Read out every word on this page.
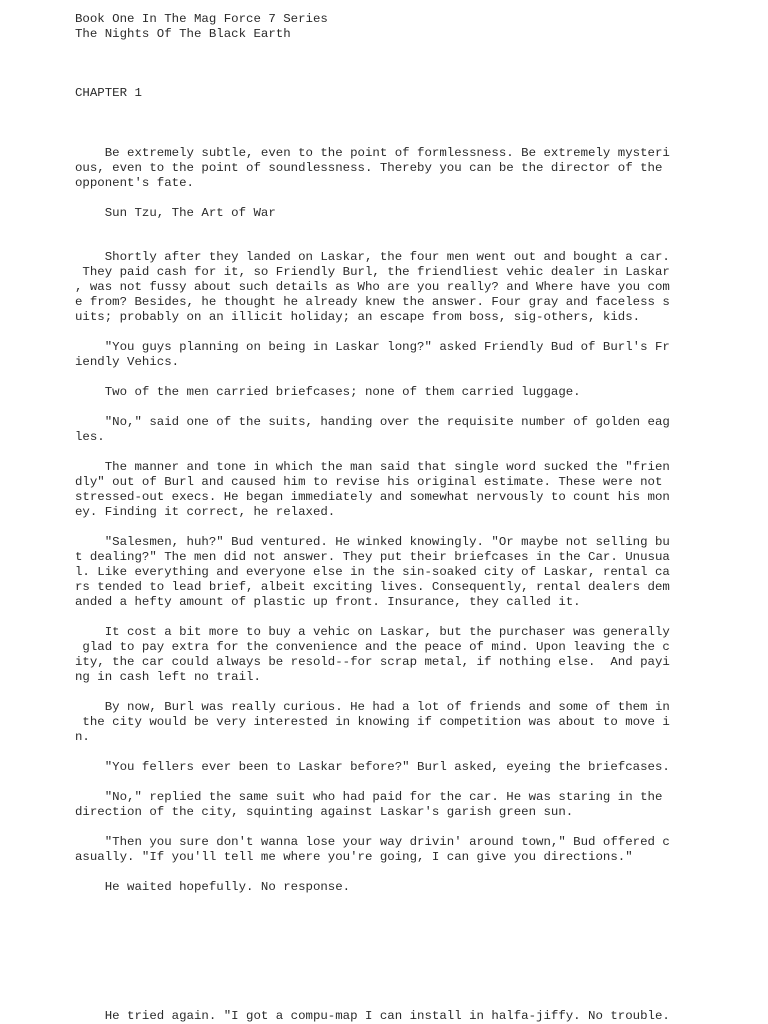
Book One In The Mag Force 7 Series
The Nights Of The Black Earth
CHAPTER 1
Be extremely subtle, even to the point of formlessness. Be extremely mysteri
ous, even to the point of soundlessness. Thereby you can be the director of the
opponent's fate.
Sun Tzu, The Art of War
Shortly after they landed on Laskar, the four men went out and bought a car.
They paid cash for it, so Friendly Burl, the friendliest vehic dealer in Laskar
, was not fussy about such details as Who are you really? and Where have you com
e from? Besides, he thought he already knew the answer. Four gray and faceless s
uits; probably on an illicit holiday; an escape from boss, sig-others, kids.
"You guys planning on being in Laskar long?" asked Friendly Bud of Burl's Fr
iendly Vehics.
Two of the men carried briefcases; none of them carried luggage.
"No," said one of the suits, handing over the requisite number of golden eag
les.
The manner and tone in which the man said that single word sucked the "frien
dly" out of Burl and caused him to revise his original estimate. These were not
stressed-out execs. He began immediately and somewhat nervously to count his mon
ey. Finding it correct, he relaxed.
"Salesmen, huh?" Bud ventured. He winked knowingly. "Or maybe not selling bu
t dealing?" The men did not answer. They put their briefcases in the Car. Unusua
l. Like everything and everyone else in the sin-soaked city of Laskar, rental ca
rs tended to lead brief, albeit exciting lives. Consequently, rental dealers dem
anded a hefty amount of plastic up front. Insurance, they called it.
It cost a bit more to buy a vehic on Laskar, but the purchaser was generally
glad to pay extra for the convenience and the peace of mind. Upon leaving the c
ity, the car could always be resold--for scrap metal, if nothing else.  And payi
ng in cash left no trail.
By now, Burl was really curious. He had a lot of friends and some of them in
the city would be very interested in knowing if competition was about to move i
n.
"You fellers ever been to Laskar before?" Burl asked, eyeing the briefcases.
"No," replied the same suit who had paid for the car. He was staring in the
direction of the city, squinting against Laskar's garish green sun.
"Then you sure don't wanna lose your way drivin' around town," Bud offered c
asually. "If you'll tell me where you're going, I can give you directions."
He waited hopefully. No response.
He tried again. "I got a compu-map I can install in halfa-jiffy. No trouble.
